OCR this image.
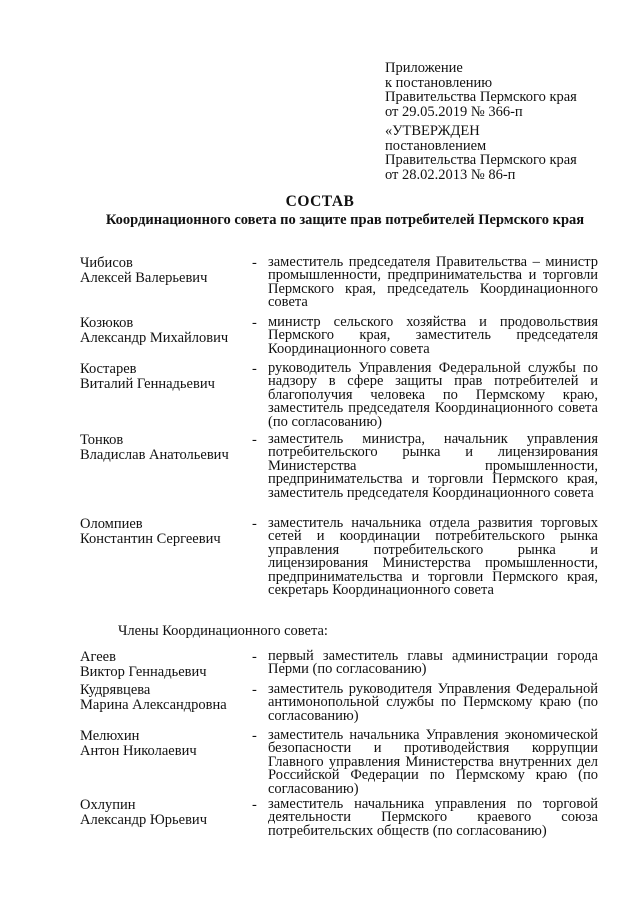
Приложение
к постановлению
Правительства Пермского края
от 29.05.2019 № 366-п
«УТВЕРЖДЕН
постановлением
Правительства Пермского края
от 28.02.2013 № 86-п
СОСТАВ
Координационного совета по защите прав потребителей Пермского края
Чибисов
Алексей Валерьевич
- заместитель председателя Правительства – министр промышленности, предпринимательства и торговли Пермского края, председатель Координационного совета
Козюков
Александр Михайлович
- министр сельского хозяйства и продовольствия Пермского края, заместитель председателя Координационного совета
Костарев
Виталий Геннадьевич
- руководитель Управления Федеральной службы по надзору в сфере защиты прав потребителей и благополучия человека по Пермскому краю, заместитель председателя Координационного совета (по согласованию)
Тонков
Владислав Анатольевич
- заместитель министра, начальник управления потребительского рынка и лицензирования Министерства промышленности, предпринимательства и торговли Пермского края, заместитель председателя Координационного совета
Оломпиев
Константин Сергеевич
- заместитель начальника отдела развития торговых сетей и координации потребительского рынка управления потребительского рынка и лицензирования Министерства промышленности, предпринимательства и торговли Пермского края, секретарь Координационного совета
Члены Координационного совета:
Агеев
Виктор Геннадьевич
- первый заместитель главы администрации города Перми (по согласованию)
Кудрявцева
Марина Александровна
- заместитель руководителя Управления Федеральной антимонопольной службы по Пермскому краю (по согласованию)
Мелюхин
Антон Николаевич
- заместитель начальника Управления экономической безопасности и противодействия коррупции Главного управления Министерства внутренних дел Российской Федерации по Пермскому краю (по согласованию)
Охлупин
Александр Юрьевич
- заместитель начальника управления по торговой деятельности Пермского краевого союза потребительских обществ (по согласованию)
